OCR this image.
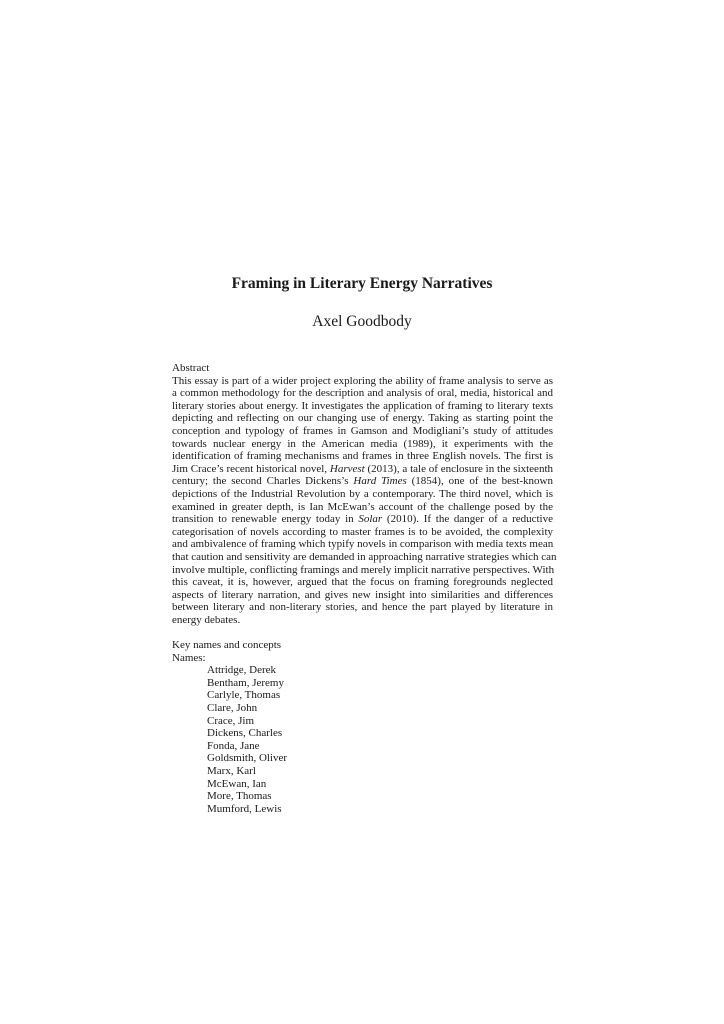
Framing in Literary Energy Narratives
Axel Goodbody
Abstract
This essay is part of a wider project exploring the ability of frame analysis to serve as
a common methodology for the description and analysis of oral, media, historical and
literary stories about energy. It investigates the application of framing to literary texts
depicting and reflecting on our changing use of energy. Taking as starting point the
conception and typology of frames in Gamson and Modigliani’s study of attitudes
towards nuclear energy in the American media (1989), it experiments with the
identification of framing mechanisms and frames in three English novels. The first is
Jim Crace’s recent historical novel, Harvest (2013), a tale of enclosure in the sixteenth
century; the second Charles Dickens’s Hard Times (1854), one of the best-known
depictions of the Industrial Revolution by a contemporary. The third novel, which is
examined in greater depth, is Ian McEwan’s account of the challenge posed by the
transition to renewable energy today in Solar (2010). If the danger of a reductive
categorisation of novels according to master frames is to be avoided, the complexity
and ambivalence of framing which typify novels in comparison with media texts mean
that caution and sensitivity are demanded in approaching narrative strategies which can
involve multiple, conflicting framings and merely implicit narrative perspectives. With
this caveat, it is, however, argued that the focus on framing foregrounds neglected
aspects of literary narration, and gives new insight into similarities and differences
between literary and non-literary stories, and hence the part played by literature in
energy debates.
Key names and concepts
Names:
Attridge, Derek
Bentham, Jeremy
Carlyle, Thomas
Clare, John
Crace, Jim
Dickens, Charles
Fonda, Jane
Goldsmith, Oliver
Marx, Karl
McEwan, Ian
More, Thomas
Mumford, Lewis
